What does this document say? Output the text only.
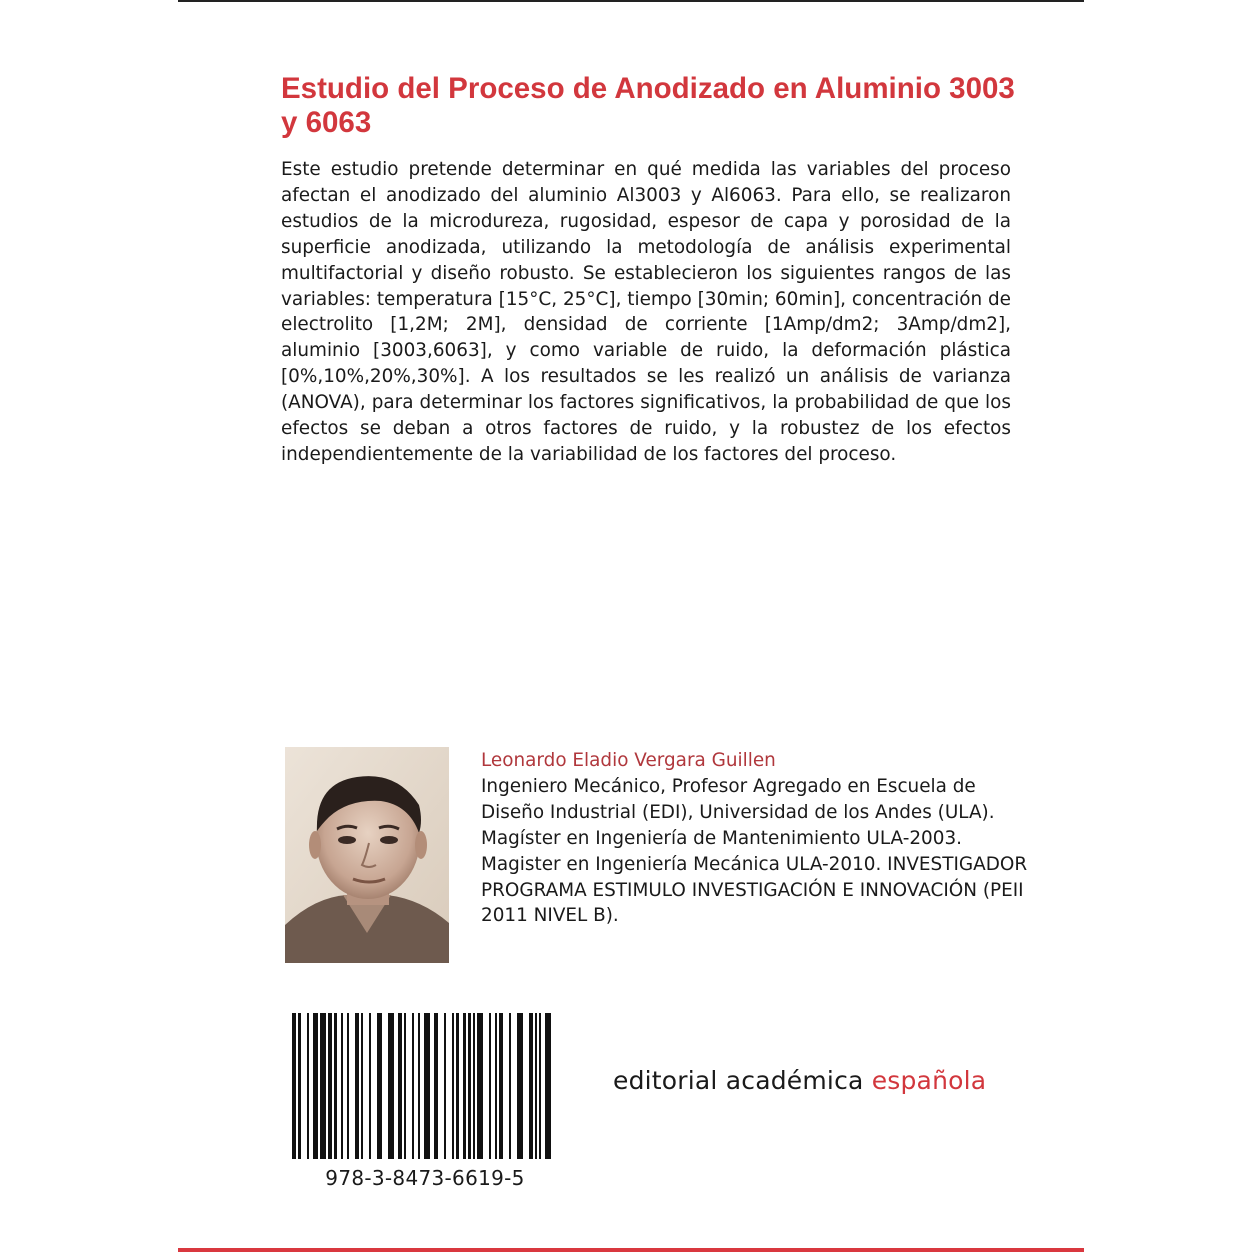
Estudio del Proceso de Anodizado en Aluminio 3003 y 6063

Este estudio pretende determinar en qué medida las variables del proceso afectan el anodizado del aluminio Al3003 y Al6063. Para ello, se realizaron estudios de la microdureza, rugosidad, espesor de capa y porosidad de la superficie anodizada, utilizando la metodología de análisis experimental multifactorial y diseño robusto. Se establecieron los siguientes rangos de las variables: temperatura [15°C, 25°C], tiempo [30min; 60min], concentración de electrolito [1,2M; 2M], densidad de corriente [1Amp/dm2; 3Amp/dm2], aluminio [3003,6063], y como variable de ruido, la deformación plástica [0%,10%,20%,30%]. A los resultados se les realizó un análisis de varianza (ANOVA), para determinar los factores significativos, la probabilidad de que los efectos se deban a otros factores de ruido, y la robustez de los efectos independientemente de la variabilidad de los factores del proceso.

Leonardo Eladio Vergara Guillen

Ingeniero Mecánico, Profesor Agregado en Escuela de Diseño Industrial (EDI), Universidad de los Andes (ULA). Magíster en Ingeniería de Mantenimiento ULA-2003. Magister en Ingeniería Mecánica ULA-2010. INVESTIGADOR PROGRAMA ESTIMULO INVESTIGACIÓN E INNOVACIÓN (PEII 2011 NIVEL B).

978-3-8473-6619-5
editorial académica española
